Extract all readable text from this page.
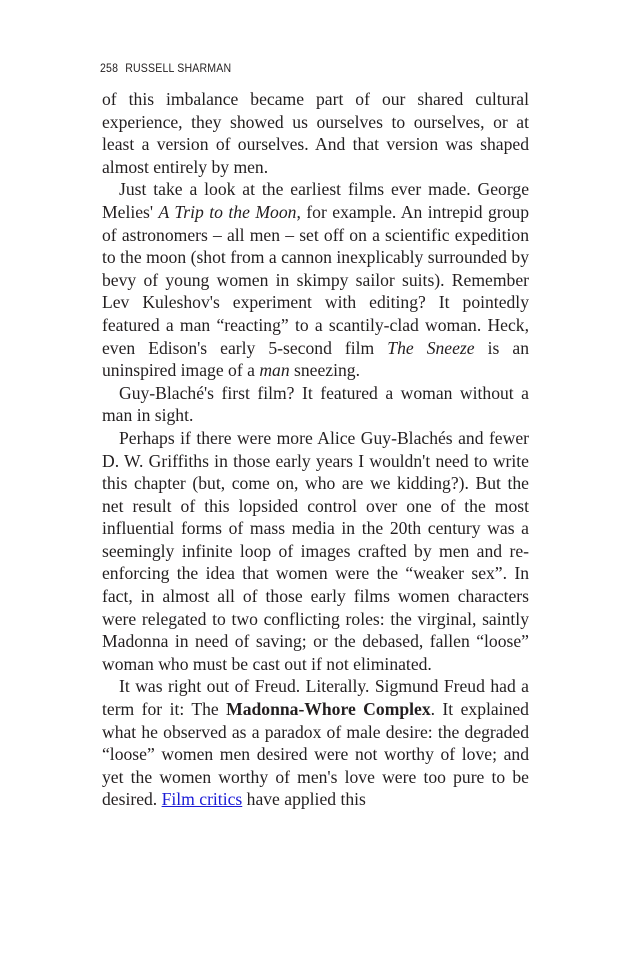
258 RUSSELL SHARMAN

of this imbalance became part of our shared cultural experience, they showed us ourselves to ourselves, or at least a version of ourselves. And that version was shaped almost entirely by men.

Just take a look at the earliest films ever made. George Melies' A Trip to the Moon, for example. An intrepid group of astronomers – all men – set off on a scientific expedition to the moon (shot from a cannon inexplicably surrounded by bevy of young women in skimpy sailor suits). Remember Lev Kuleshov's experiment with editing? It pointedly featured a man “reacting” to a scantily-clad woman. Heck, even Edison's early 5-second film The Sneeze is an uninspired image of a man sneezing.

Guy-Blaché's first film? It featured a woman without a man in sight.

Perhaps if there were more Alice Guy-Blachés and fewer D. W. Griffiths in those early years I wouldn't need to write this chapter (but, come on, who are we kidding?). But the net result of this lopsided control over one of the most influential forms of mass media in the 20th century was a seemingly infinite loop of images crafted by men and re-enforcing the idea that women were the “weaker sex”. In fact, in almost all of those early films women characters were relegated to two conflicting roles: the virginal, saintly Madonna in need of saving; or the debased, fallen “loose” woman who must be cast out if not eliminated.

It was right out of Freud. Literally. Sigmund Freud had a term for it: The Madonna-Whore Complex. It explained what he observed as a paradox of male desire: the degraded “loose” women men desired were not worthy of love; and yet the women worthy of men's love were too pure to be desired. Film critics have applied this
